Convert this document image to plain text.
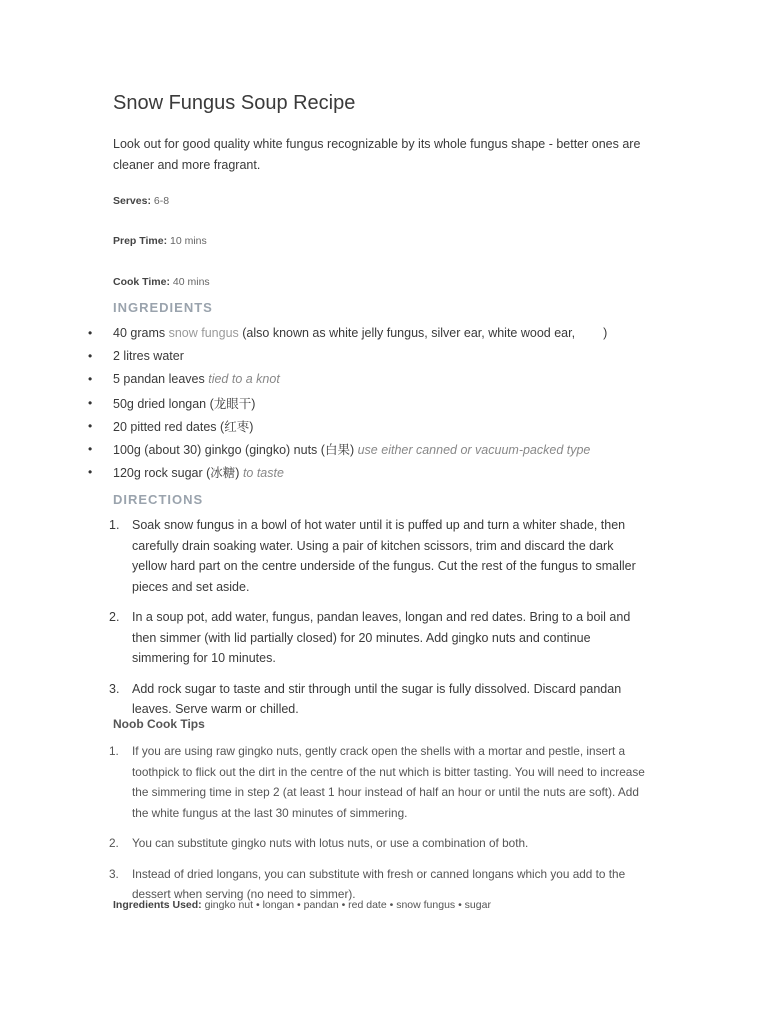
Snow Fungus Soup Recipe

Look out for good quality white fungus recognizable by its whole fungus shape - better ones are cleaner and more fragrant.

Serves: 6-8
Prep Time: 10 mins
Cook Time: 40 mins
INGREDIENTS
• 40 grams snow fungus (also known as white jelly fungus, silver ear, white wood ear, )
• 2 litres water
• 5 pandan leaves tied to a knot
• 50g dried longan (龙眼干)
• 20 pitted red dates (红枣)
• 100g (about 30) ginkgo (gingko) nuts (白果) use either canned or vacuum-packed type
• 120g rock sugar (冰糖) to taste
DIRECTIONS
1. Soak snow fungus in a bowl of hot water until it is puffed up and turn a whiter shade, then carefully drain soaking water. Using a pair of kitchen scissors, trim and discard the dark yellow hard part on the centre underside of the fungus. Cut the rest of the fungus to smaller pieces and set aside.
2. In a soup pot, add water, fungus, pandan leaves, longan and red dates. Bring to a boil and then simmer (with lid partially closed) for 20 minutes. Add gingko nuts and continue simmering for 10 minutes.
3. Add rock sugar to taste and stir through until the sugar is fully dissolved. Discard pandan leaves. Serve warm or chilled.
Noob Cook Tips
1. If you are using raw gingko nuts, gently crack open the shells with a mortar and pestle, insert a toothpick to flick out the dirt in the centre of the nut which is bitter tasting. You will need to increase the simmering time in step 2 (at least 1 hour instead of half an hour or until the nuts are soft). Add the white fungus at the last 30 minutes of simmering.
2. You can substitute gingko nuts with lotus nuts, or use a combination of both.
3. Instead of dried longans, you can substitute with fresh or canned longans which you add to the dessert when serving (no need to simmer).
Ingredients Used: gingko nut • longan • pandan • red date • snow fungus • sugar
